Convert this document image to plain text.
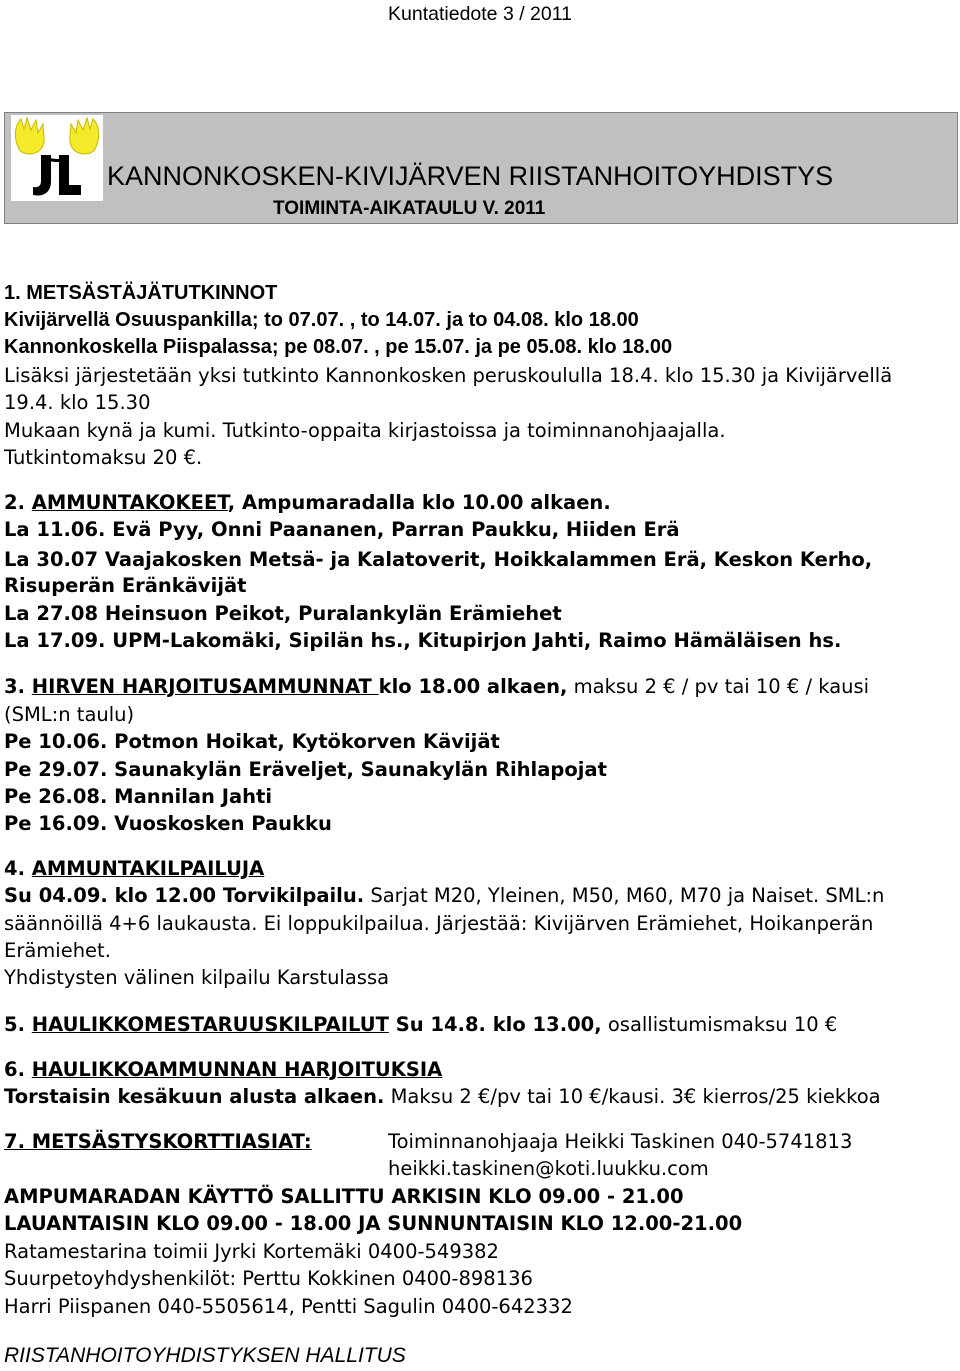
Kuntatiedote 3 / 2011
KANNONKOSKEN-KIVIJÄRVEN RIISTANHOITOYHDISTYS
TOIMINTA-AIKATAULU V. 2011
1. METSÄSTÄJÄTUTKINNOT
Kivijärvellä Osuuspankilla; to 07.07. , to 14.07. ja to 04.08. klo 18.00
Kannonkoskella Piispalassa; pe 08.07. , pe 15.07. ja pe 05.08. klo 18.00
Lisäksi järjestetään yksi tutkinto Kannonkosken peruskoululla 18.4. klo 15.30 ja Kivijärvellä
19.4. klo 15.30
Mukaan kynä ja kumi. Tutkinto-oppaita kirjastoissa ja toiminnanohjaajalla.
Tutkintomaksu 20 €.
2. AMMUNTAKOKEET, Ampumaradalla klo 10.00 alkaen.
La 11.06. Evä Pyy, Onni Paananen, Parran Paukku, Hiiden Erä
La 30.07 Vaajakosken Metsä- ja Kalatoverit, Hoikkalammen Erä, Keskon Kerho,
Risuperän Eränkävijät
La 27.08 Heinsuon Peikot, Puralankylän Erämiehet
La 17.09. UPM-Lakomäki, Sipilän hs., Kitupirjon Jahti, Raimo Hämäläisen hs.
3. HIRVEN HARJOITUSAMMUNNAT klo 18.00 alkaen, maksu 2 € / pv tai 10 € / kausi
(SML:n taulu)
Pe 10.06. Potmon Hoikat, Kytökorven Kävijät
Pe 29.07. Saunakylän Eräveljet, Saunakylän Rihlapojat
Pe 26.08. Mannilan Jahti
Pe 16.09. Vuoskosken Paukku
4. AMMUNTAKILPAILUJA
Su 04.09. klo 12.00 Torvikilpailu. Sarjat M20, Yleinen, M50, M60, M70 ja Naiset. SML:n
säännöillä 4+6 laukausta. Ei loppukilpailua. Järjestää: Kivijärven Erämiehet, Hoikanperän
Erämiehet.
Yhdistysten välinen kilpailu Karstulassa
5. HAULIKKOMESTARUUSKILPAILUT Su 14.8. klo 13.00, osallistumismaksu 10 €
6. HAULIKKOAMMUNNAN HARJOITUKSIA
Torstaisin kesäkuun alusta alkaen. Maksu 2 €/pv tai 10 €/kausi. 3€ kierros/25 kiekkoa
7. METSÄSTYSKORTTIASIAT:	Toiminnanohjaaja Heikki Taskinen 040-5741813
heikki.taskinen@koti.luukku.com
AMPUMARADAN KÄYTTÖ SALLITTU ARKISIN KLO 09.00 - 21.00
LAUANTAISIN KLO 09.00 - 18.00 JA SUNNUNTAISIN KLO 12.00-21.00
Ratamestarina toimii Jyrki Kortemäki 0400-549382
Suurpetoyhdyshenkilöt: Perttu Kokkinen 0400-898136
Harri Piispanen 040-5505614, Pentti Sagulin 0400-642332
RIISTANHOITOYHDISTYKSEN HALLITUS
